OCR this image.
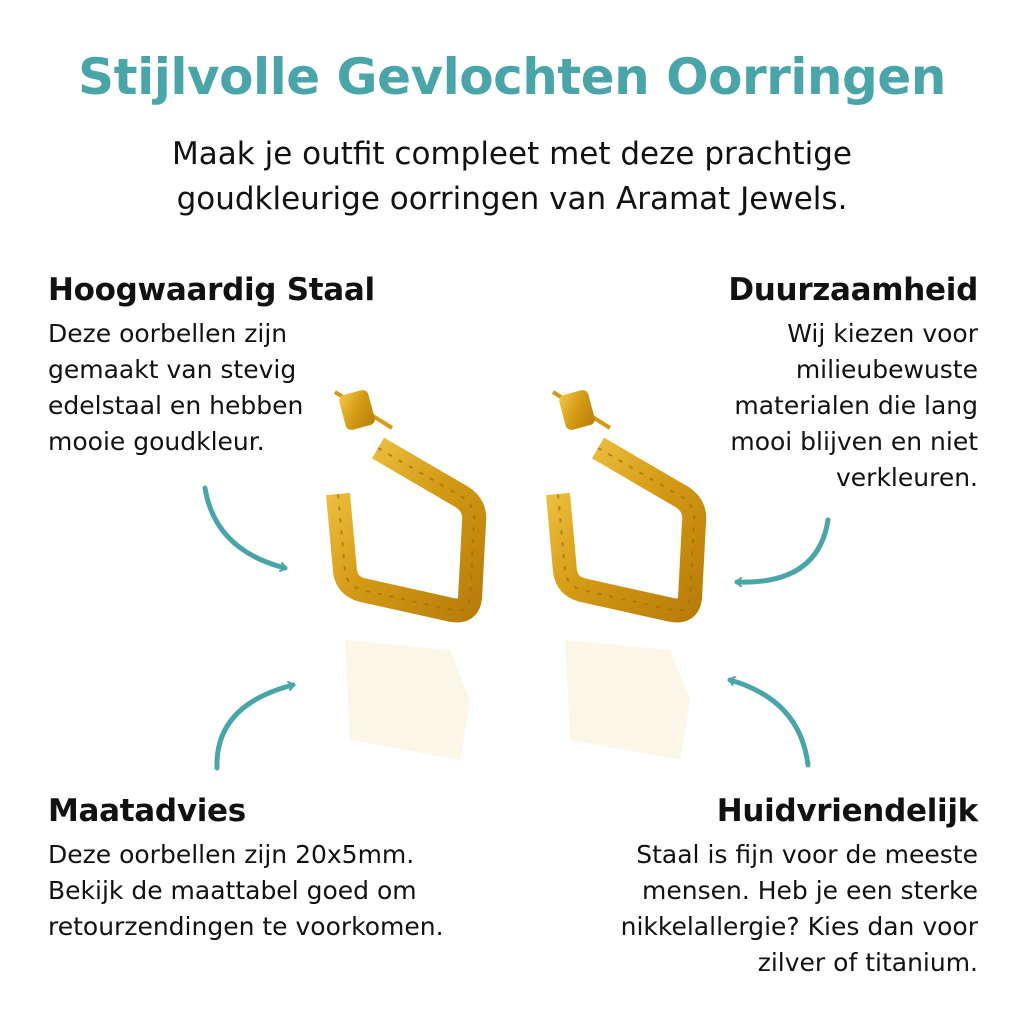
Stijlvolle Gevlochten Oorringen
Maak je outfit compleet met deze prachtige
goudkleurige oorringen van Aramat Jewels.
Hoogwaardig Staal

Deze oorbellen zijn
gemaakt van stevig
edelstaal en hebben
mooie goudkleur.

Duurzaamheid

Wij kiezen voor
milieubewuste
materialen die lang
mooi blijven en niet
verkleuren.

Maatadvies

Deze oorbellen zijn 20x5mm.
Bekijk de maattabel goed om
retourzendingen te voorkomen.

Huidvriendelijk

Staal is fijn voor de meeste
mensen. Heb je een sterke
nikkelallergie? Kies dan voor
zilver of titanium.
